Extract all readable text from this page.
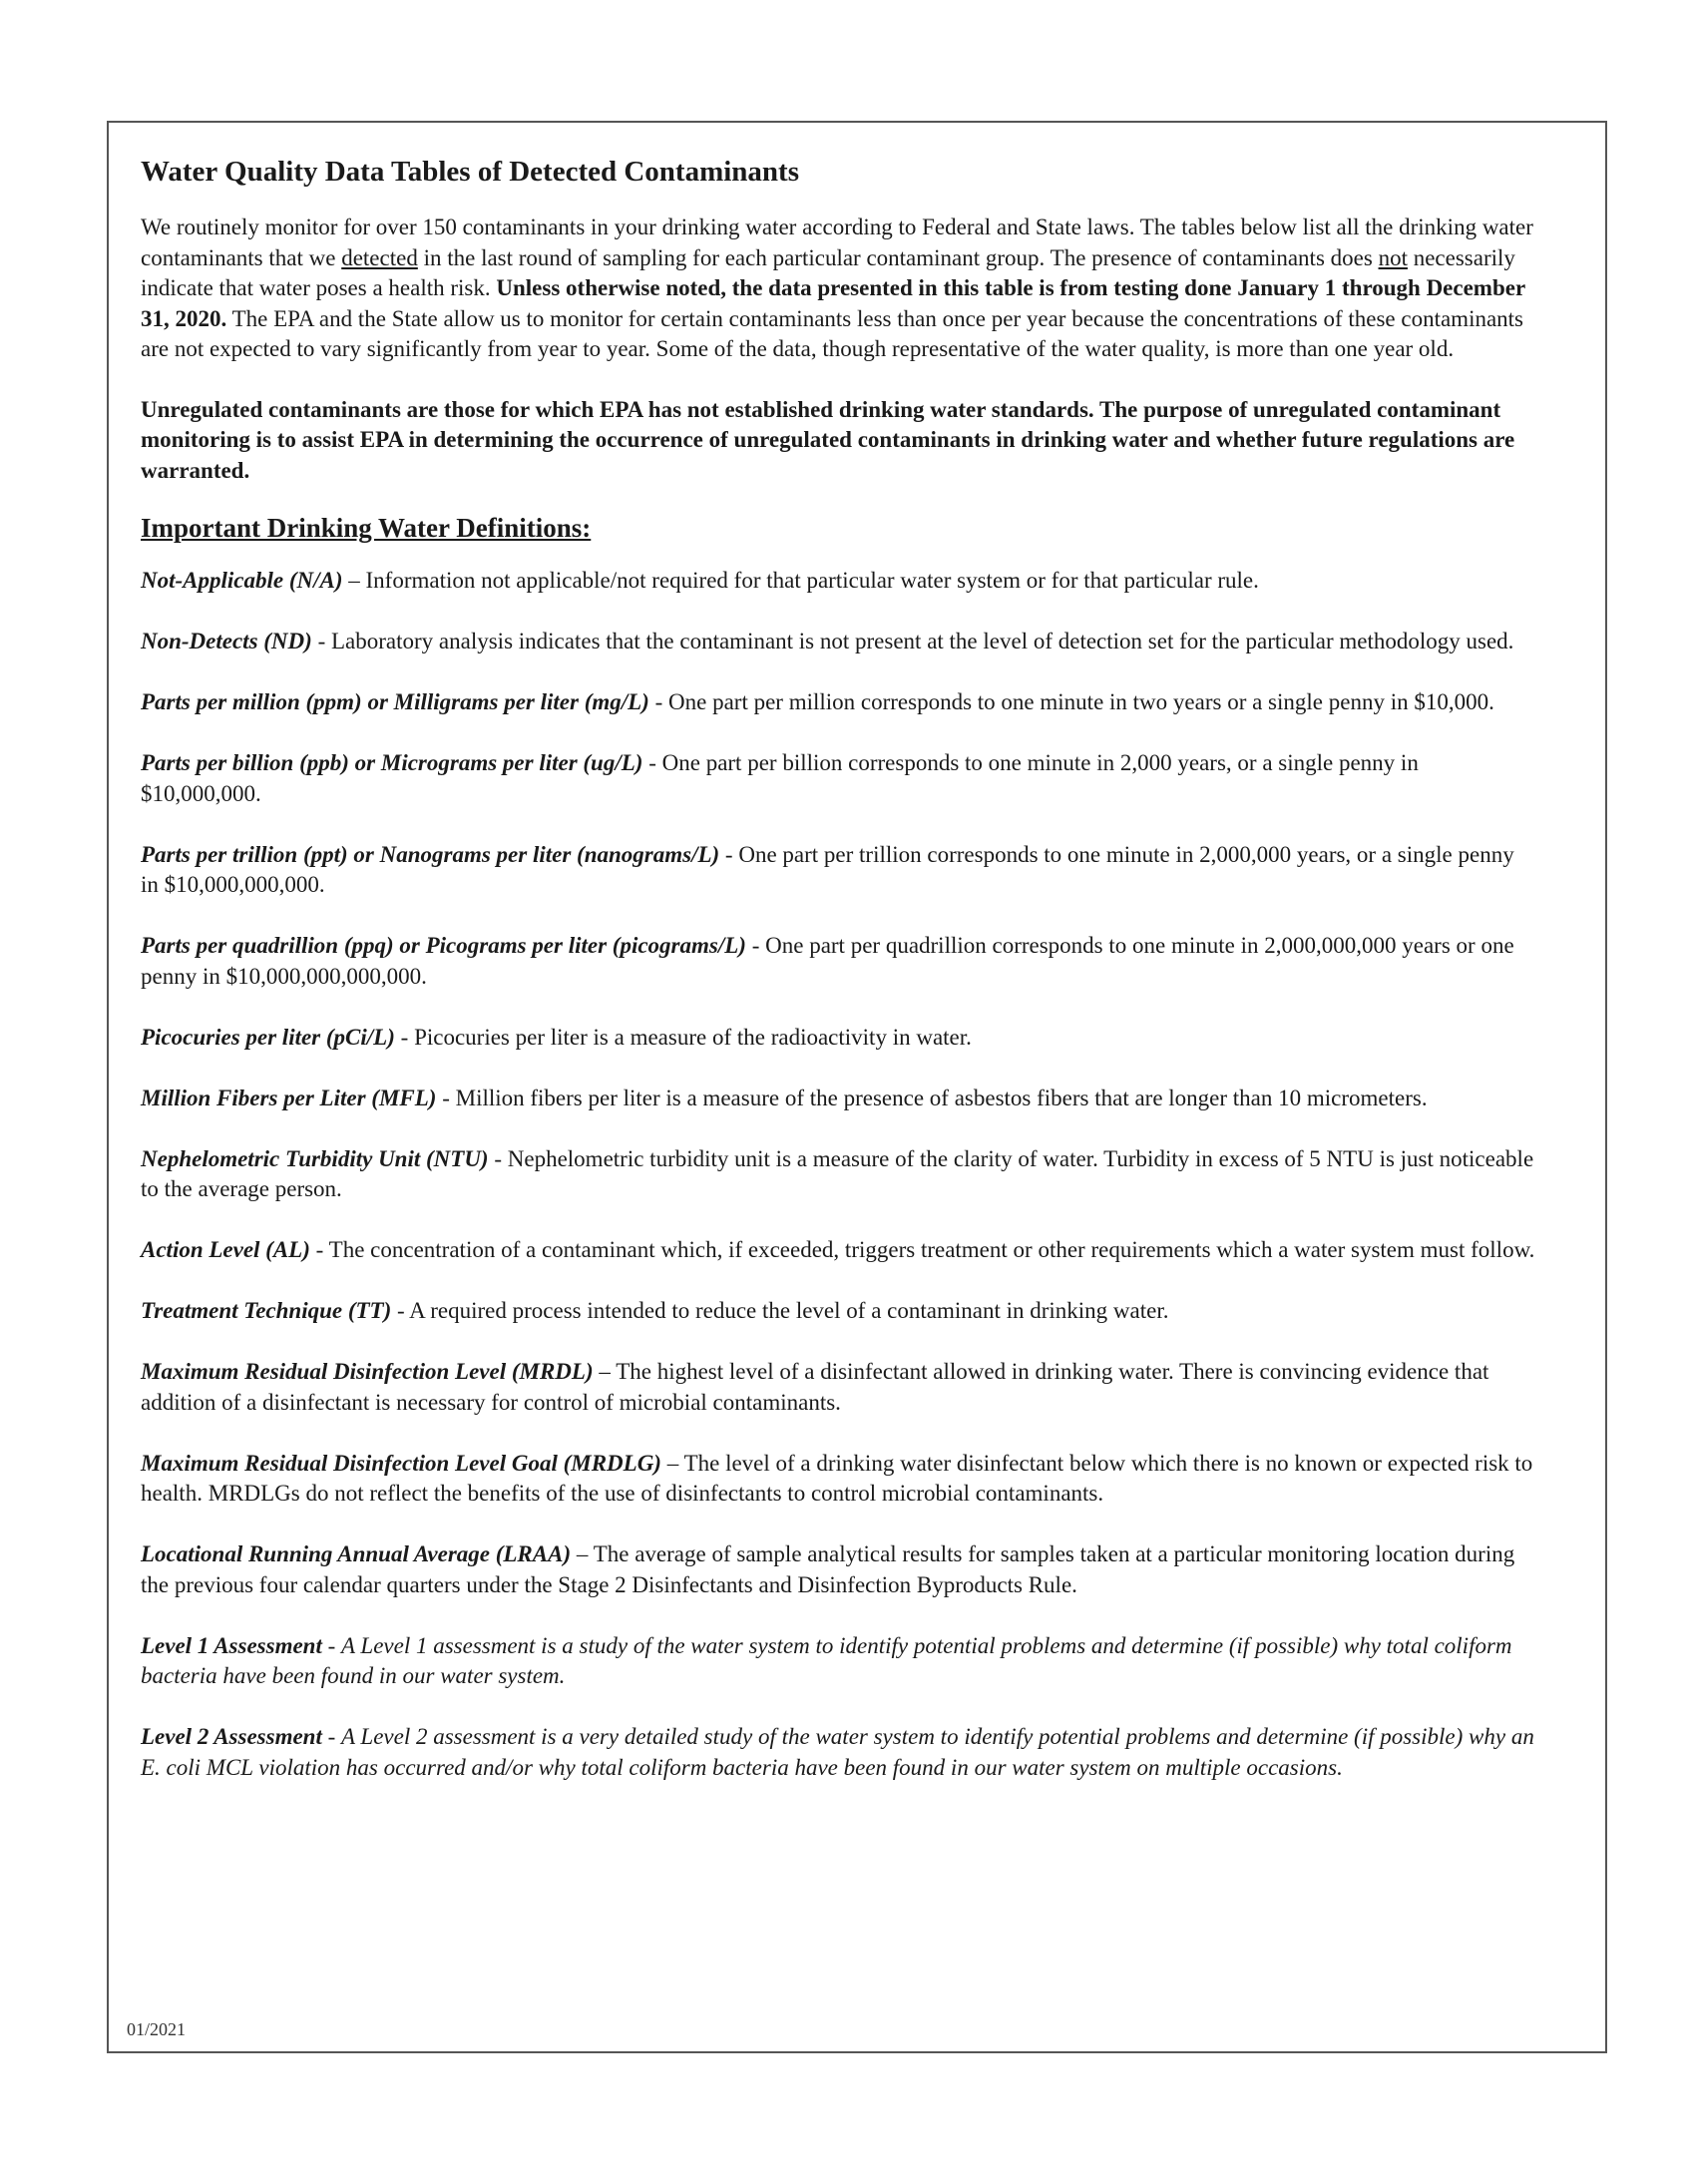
Water Quality Data Tables of Detected Contaminants

We routinely monitor for over 150 contaminants in your drinking water according to Federal and State laws. The tables below list all the drinking water contaminants that we detected in the last round of sampling for each particular contaminant group. The presence of contaminants does not necessarily indicate that water poses a health risk. Unless otherwise noted, the data presented in this table is from testing done January 1 through December 31, 2020. The EPA and the State allow us to monitor for certain contaminants less than once per year because the concentrations of these contaminants are not expected to vary significantly from year to year. Some of the data, though representative of the water quality, is more than one year old.

Unregulated contaminants are those for which EPA has not established drinking water standards. The purpose of unregulated contaminant monitoring is to assist EPA in determining the occurrence of unregulated contaminants in drinking water and whether future regulations are warranted.

Important Drinking Water Definitions:

Not-Applicable (N/A) – Information not applicable/not required for that particular water system or for that particular rule.

Non-Detects (ND) - Laboratory analysis indicates that the contaminant is not present at the level of detection set for the particular methodology used.

Parts per million (ppm) or Milligrams per liter (mg/L) - One part per million corresponds to one minute in two years or a single penny in $10,000.

Parts per billion (ppb) or Micrograms per liter (ug/L) - One part per billion corresponds to one minute in 2,000 years, or a single penny in $10,000,000.

Parts per trillion (ppt) or Nanograms per liter (nanograms/L) - One part per trillion corresponds to one minute in 2,000,000 years, or a single penny in $10,000,000,000.

Parts per quadrillion (ppq) or Picograms per liter (picograms/L) - One part per quadrillion corresponds to one minute in 2,000,000,000 years or one penny in $10,000,000,000,000.

Picocuries per liter (pCi/L) - Picocuries per liter is a measure of the radioactivity in water.

Million Fibers per Liter (MFL) - Million fibers per liter is a measure of the presence of asbestos fibers that are longer than 10 micrometers.

Nephelometric Turbidity Unit (NTU) - Nephelometric turbidity unit is a measure of the clarity of water. Turbidity in excess of 5 NTU is just noticeable to the average person.

Action Level (AL) - The concentration of a contaminant which, if exceeded, triggers treatment or other requirements which a water system must follow.

Treatment Technique (TT) - A required process intended to reduce the level of a contaminant in drinking water.

Maximum Residual Disinfection Level (MRDL) – The highest level of a disinfectant allowed in drinking water. There is convincing evidence that addition of a disinfectant is necessary for control of microbial contaminants.

Maximum Residual Disinfection Level Goal (MRDLG) – The level of a drinking water disinfectant below which there is no known or expected risk to health. MRDLGs do not reflect the benefits of the use of disinfectants to control microbial contaminants.

Locational Running Annual Average (LRAA) – The average of sample analytical results for samples taken at a particular monitoring location during the previous four calendar quarters under the Stage 2 Disinfectants and Disinfection Byproducts Rule.

Level 1 Assessment - A Level 1 assessment is a study of the water system to identify potential problems and determine (if possible) why total coliform bacteria have been found in our water system.

Level 2 Assessment - A Level 2 assessment is a very detailed study of the water system to identify potential problems and determine (if possible) why an E. coli MCL violation has occurred and/or why total coliform bacteria have been found in our water system on multiple occasions.

01/2021
